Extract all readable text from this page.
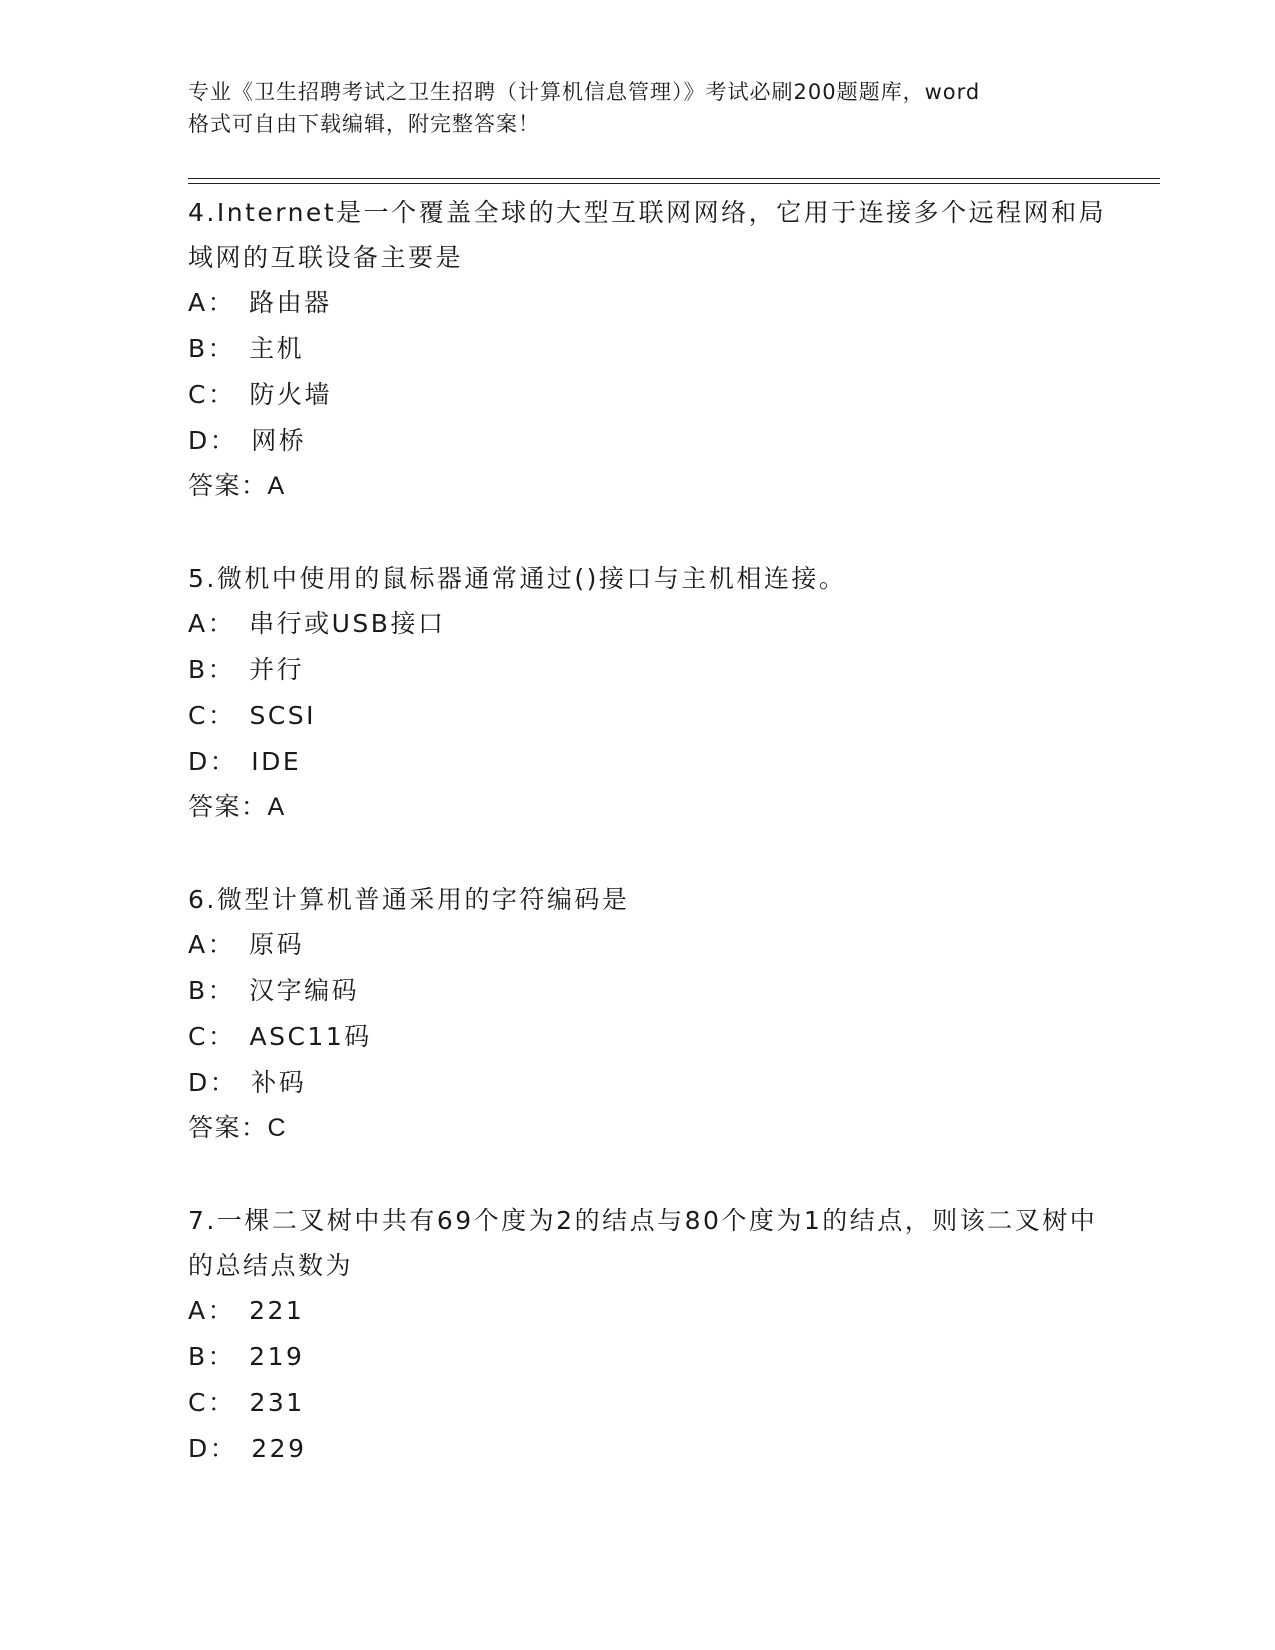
专业《卫生招聘考试之卫生招聘（计算机信息管理）》考试必刷200题题库，word
格式可自由下载编辑，附完整答案！
4.Internet是一个覆盖全球的大型互联网网络，它用于连接多个远程网和局域网的互联设备主要是
A： 路由器
B： 主机
C： 防火墙
D： 网桥
答案：A
5.微机中使用的鼠标器通常通过()接口与主机相连接。
A： 串行或USB接口
B： 并行
C： SCSI
D： IDE
答案：A
6.微型计算机普通采用的字符编码是
A： 原码
B： 汉字编码
C： ASC11码
D： 补码
答案：C
7.一棵二叉树中共有69个度为2的结点与80个度为1的结点，则该二叉树中的总结点数为
A： 221
B： 219
C： 231
D： 229
